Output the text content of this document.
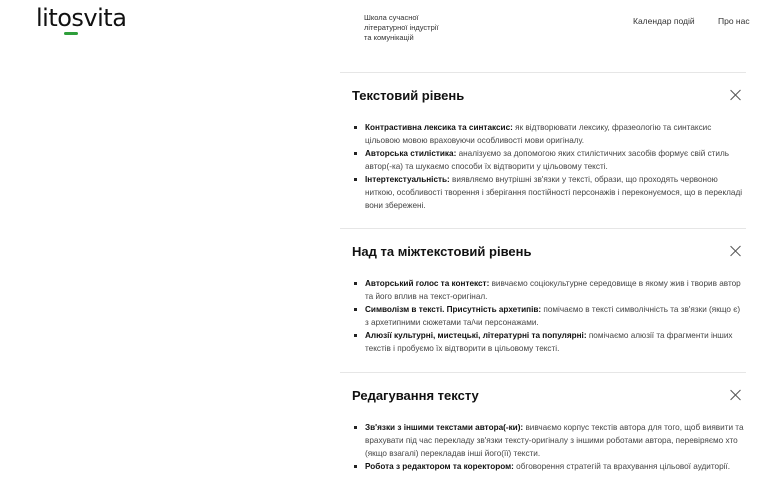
litosvita	Школа сучасної
літературної індустрії
та комунікацій
Календар подій	Про нас
Текстовий рівень
Контрастивна лексика та синтаксис: як відтворювати лексику, фразеологію та синтаксис цільовою мовою враховуючи особливості мови оригіналу.
Авторська стилістика: аналізуємо за допомогою яких стилістичних засобів формує свій стиль автор(-ка) та шукаємо способи їх відтворити у цільовому тексті.
Інтертекстуальність: виявляємо внутрішні зв'язки у тексті, образи, що проходять червоною ниткою, особливості творення і зберігання постійності персонажів і переконуємося, що в перекладі вони збережені.
Над та міжтекстовий рівень
Авторський голос та контекст: вивчаємо соціокультурне середовище в якому жив і творив автор та його вплив на текст-оригінал.
Символізм в тексті. Присутність архетипів: помічаємо в тексті символічність та зв'язки (якщо є) з архетипними сюжетами та/чи персонажами.
Алюзії культурні, мистецькі, літературні та популярні: помічаємо алюзії та фрагменти інших текстів і пробуємо їх відтворити в цільовому тексті.
Редагування тексту
Зв'язки з іншими текстами автора(-ки): вивчаємо корпус текстів автора для того, щоб виявити та врахувати під час перекладу зв'язки тексту-оригіналу з іншими роботами автора, перевіряємо хто (якщо взагалі) перекладав інші його(її) тексти.
Робота з редактором та коректором: обговорення стратегій та врахування цільової аудиторії.
